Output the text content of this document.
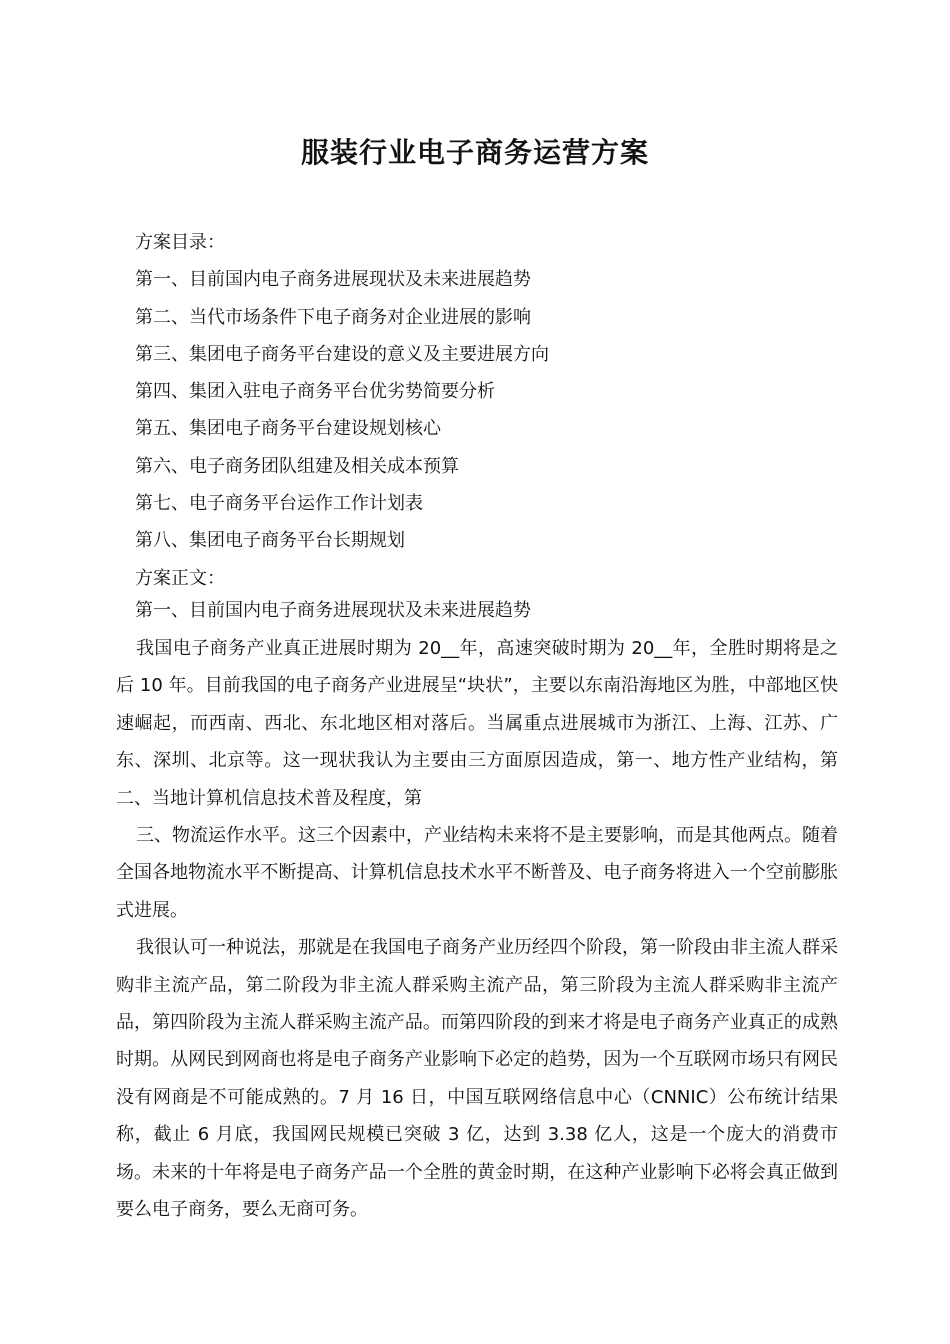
服装行业电子商务运营方案
方案目录：
第一、目前国内电子商务进展现状及未来进展趋势
第二、当代市场条件下电子商务对企业进展的影响
第三、集团电子商务平台建设的意义及主要进展方向
第四、集团入驻电子商务平台优劣势简要分析
第五、集团电子商务平台建设规划核心
第六、电子商务团队组建及相关成本预算
第七、电子商务平台运作工作计划表
第八、集团电子商务平台长期规划
方案正文：
第一、目前国内电子商务进展现状及未来进展趋势

我国电子商务产业真正进展时期为 20__年，高速突破时期为 20__年，全胜时期将是之后 10 年。目前我国的电子商务产业进展呈“块状”，主要以东南沿海地区为胜，中部地区快速崛起，而西南、西北、东北地区相对落后。当属重点进展城市为浙江、上海、江苏、广东、深圳、北京等。这一现状我认为主要由三方面原因造成，第一、地方性产业结构，第二、当地计算机信息技术普及程度，第

三、物流运作水平。这三个因素中，产业结构未来将不是主要影响，而是其他两点。随着全国各地物流水平不断提高、计算机信息技术水平不断普及、电子商务将进入一个空前膨胀式进展。

我很认可一种说法，那就是在我国电子商务产业历经四个阶段，第一阶段由非主流人群采购非主流产品，第二阶段为非主流人群采购主流产品，第三阶段为主流人群采购非主流产品，第四阶段为主流人群采购主流产品。而第四阶段的到来才将是电子商务产业真正的成熟时期。从网民到网商也将是电子商务产业影响下必定的趋势，因为一个互联网市场只有网民没有网商是不可能成熟的。7 月 16 日，中国互联网络信息中心（CNNIC）公布统计结果称，截止 6 月底，我国网民规模已突破 3 亿，达到 3.38 亿人，这是一个庞大的消费市场。未来的十年将是电子商务产品一个全胜的黄金时期，在这种产业影响下必将会真正做到要么电子商务，要么无商可务。
